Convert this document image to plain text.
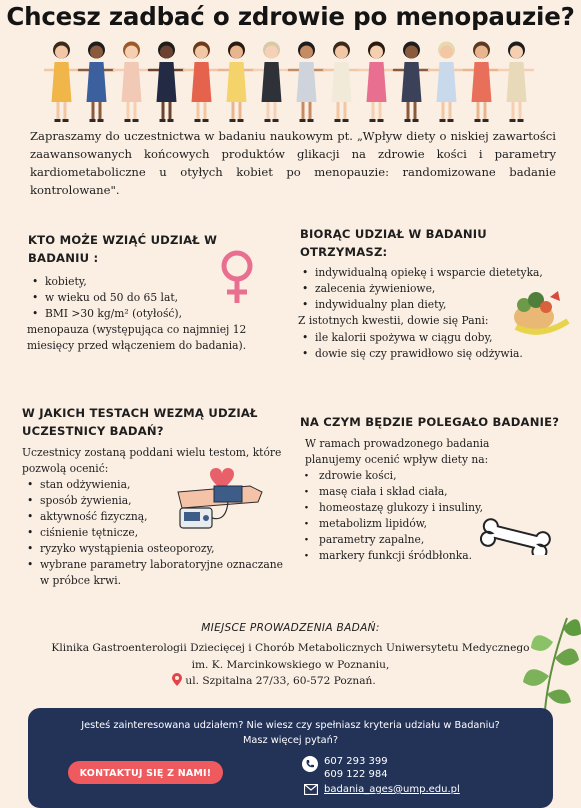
Chcesz zadbać o zdrowie po menopauzie?
Zapraszamy do uczestnictwa w badaniu naukowym pt. „Wpływ diety o niskiej zawartości zaawansowanych końcowych produktów glikacji na zdrowie kości i parametry kardiometaboliczne u otyłych kobiet po menopauzie: randomizowane badanie kontrolowane".
KTO MOŻE WZIĄĆ UDZIAŁ W BADANIU :
• kobiety,
• w wieku od 50 do 65 lat,
• BMI >30 kg/m² (otyłość),
menopauza (występująca co najmniej 12 miesięcy przed włączeniem do badania).
BIORĄC UDZIAŁ W BADANIU OTRZYMASZ:
• indywidualną opiekę i wsparcie dietetyka,
• zalecenia żywieniowe,
• indywidualny plan diety,
Z istotnych kwestii, dowie się Pani:
• ile kalorii spożywa w ciągu doby,
• dowie się czy prawidłowo się odżywia.
W JAKICH TESTACH WEZMĄ UDZIAŁ UCZESTNICY BADAŃ?
Uczestnicy zostaną poddani wielu testom, które pozwolą ocenić:
• stan odżywienia,
• sposób żywienia,
• aktywność fizyczną,
• ciśnienie tętnicze,
• ryzyko wystąpienia osteoporozy,
• wybrane parametry laboratoryjne oznaczane w próbce krwi.
NA CZYM BĘDZIE POLEGAŁO BADANIE?
W ramach prowadzonego badania planujemy ocenić wpływ diety na:
· zdrowie kości,
· masę ciała i skład ciała,
· homeostazę glukozy i insuliny,
· metabolizm lipidów,
· parametry zapalne,
· markery funkcji śródbłonka.
MIEJSCE PROWADZENIA BADAŃ:
Klinika Gastroenterologii Dziecięcej i Chorób Metabolicznych Uniwersytetu Medycznego
im. K. Marcinkowskiego w Poznaniu,
ul. Szpitalna 27/33, 60-572 Poznań.
Jesteś zainteresowana udziałem? Nie wiesz czy spełniasz kryteria udziału w Badaniu?
Masz więcej pytań?
KONTAKTUJ SIĘ Z NAMI!
607 293 399
609 122 984
badania_ages@ump.edu.pl
